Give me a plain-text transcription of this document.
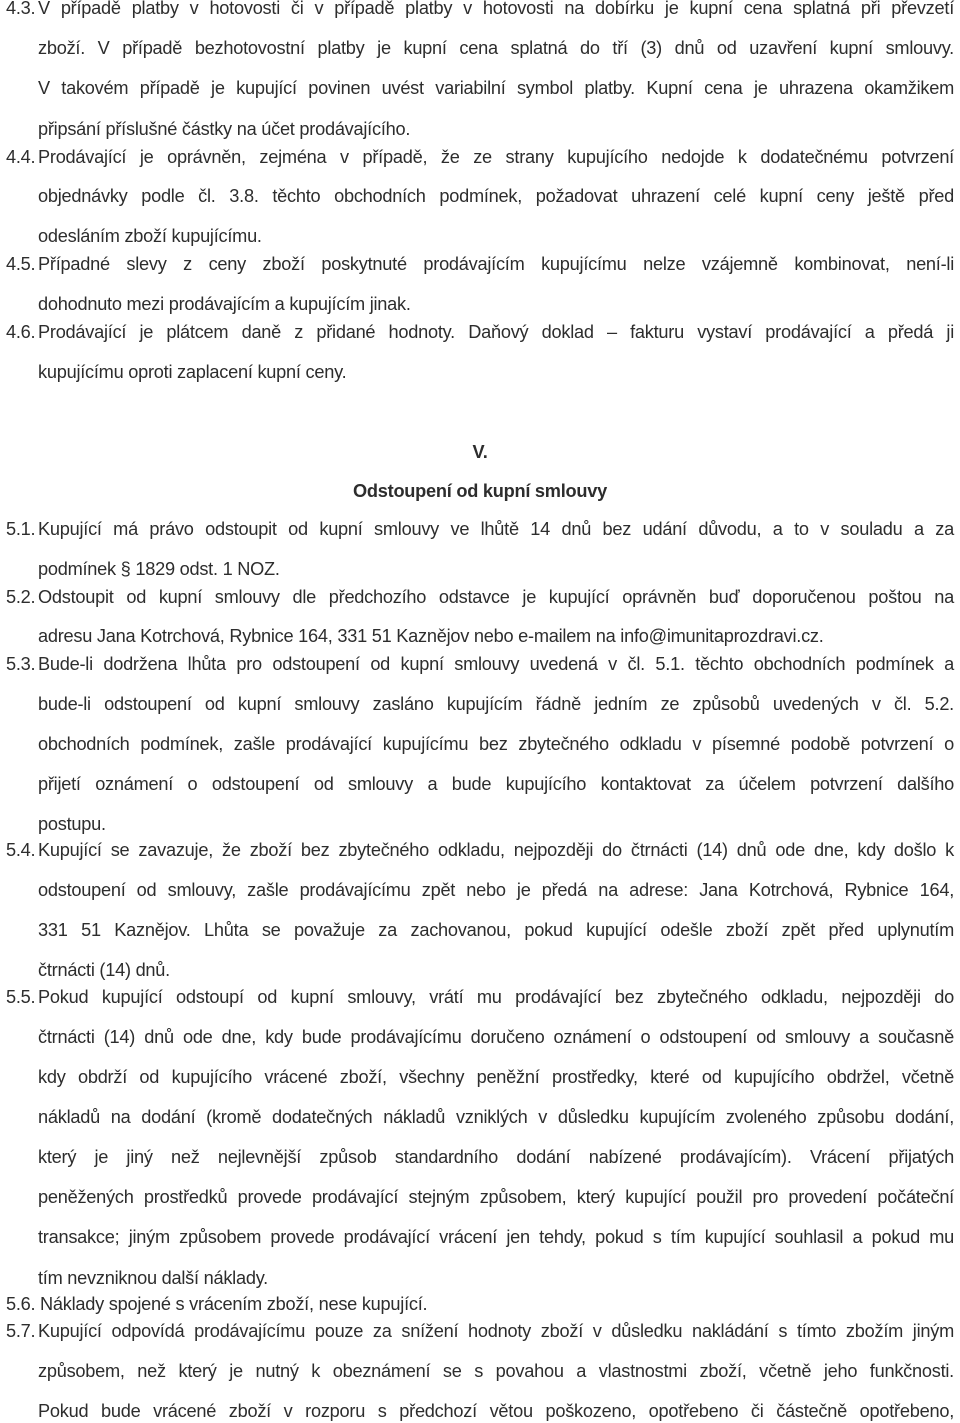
4.3. V případě platby v hotovosti či v případě platby v hotovosti na dobírku je kupní cena splatná při převzetí
zboží. V případě bezhotovostní platby je kupní cena splatná do tří (3) dnů od uzavření kupní smlouvy.
V takovém případě je kupující povinen uvést variabilní symbol platby. Kupní cena je uhrazena okamžikem
připsání příslušné částky na účet prodávajícího.
4.4. Prodávající je oprávněn, zejména v případě, že ze strany kupujícího nedojde k dodatečnému potvrzení
objednávky podle čl. 3.8. těchto obchodních podmínek, požadovat uhrazení celé kupní ceny ještě před
odesláním zboží kupujícímu.
4.5. Případné slevy z ceny zboží poskytnuté prodávajícím kupujícímu nelze vzájemně kombinovat, není-li
dohodnuto mezi prodávajícím a kupujícím jinak.
4.6. Prodávající je plátcem daně z přidané hodnoty. Daňový doklad – fakturu vystaví prodávající a předá ji
kupujícímu oproti zaplacení kupní ceny.
V.
Odstoupení od kupní smlouvy
5.1. Kupující má právo odstoupit od kupní smlouvy ve lhůtě 14 dnů bez udání důvodu, a to v souladu a za
podmínek § 1829 odst. 1 NOZ.
5.2. Odstoupit od kupní smlouvy dle předchozího odstavce je kupující oprávněn buď doporučenou poštou na
adresu Jana Kotrchová, Rybnice 164, 331 51 Kaznějov nebo e-mailem na info@imunitaprozdravi.cz.
5.3. Bude-li dodržena lhůta pro odstoupení od kupní smlouvy uvedená v čl. 5.1. těchto obchodních podmínek a
bude-li odstoupení od kupní smlouvy zasláno kupujícím řádně jedním ze způsobů uvedených v čl. 5.2.
obchodních podmínek, zašle prodávající kupujícímu bez zbytečného odkladu v písemné podobě potvrzení o
přijetí oznámení o odstoupení od smlouvy a bude kupujícího kontaktovat za účelem potvrzení dalšího
postupu.
5.4. Kupující se zavazuje, že zboží bez zbytečného odkladu, nejpozději do čtrnácti (14) dnů ode dne, kdy došlo k
odstoupení od smlouvy, zašle prodávajícímu zpět nebo je předá na adrese: Jana Kotrchová, Rybnice 164,
331 51 Kaznějov. Lhůta se považuje za zachovanou, pokud kupující odešle zboží zpět před uplynutím
čtrnácti (14) dnů.
5.5. Pokud kupující odstoupí od kupní smlouvy, vrátí mu prodávající bez zbytečného odkladu, nejpozději do
čtrnácti (14) dnů ode dne, kdy bude prodávajícímu doručeno oznámení o odstoupení od smlouvy a současně
kdy obdrží od kupujícího vrácené zboží, všechny peněžní prostředky, které od kupujícího obdržel, včetně
nákladů na dodání (kromě dodatečných nákladů vzniklých v důsledku kupujícím zvoleného způsobu dodání,
který je jiný než nejlevnější způsob standardního dodání nabízené prodávajícím). Vrácení přijatých
peněžených prostředků provede prodávající stejným způsobem, který kupující použil pro provedení počáteční
transakce; jiným způsobem provede prodávající vrácení jen tehdy, pokud s tím kupující souhlasil a pokud mu
tím nevzniknou další náklady.
5.6. Náklady spojené s vrácením zboží, nese kupující.
5.7. Kupující odpovídá prodávajícímu pouze za snížení hodnoty zboží v důsledku nakládání s tímto zbožím jiným
způsobem, než který je nutný k obeznámení se s povahou a vlastnostmi zboží, včetně jeho funkčnosti.
Pokud bude vrácené zboží v rozporu s předchozí větou poškozeno, opotřebeno či částečně opotřebeno,
